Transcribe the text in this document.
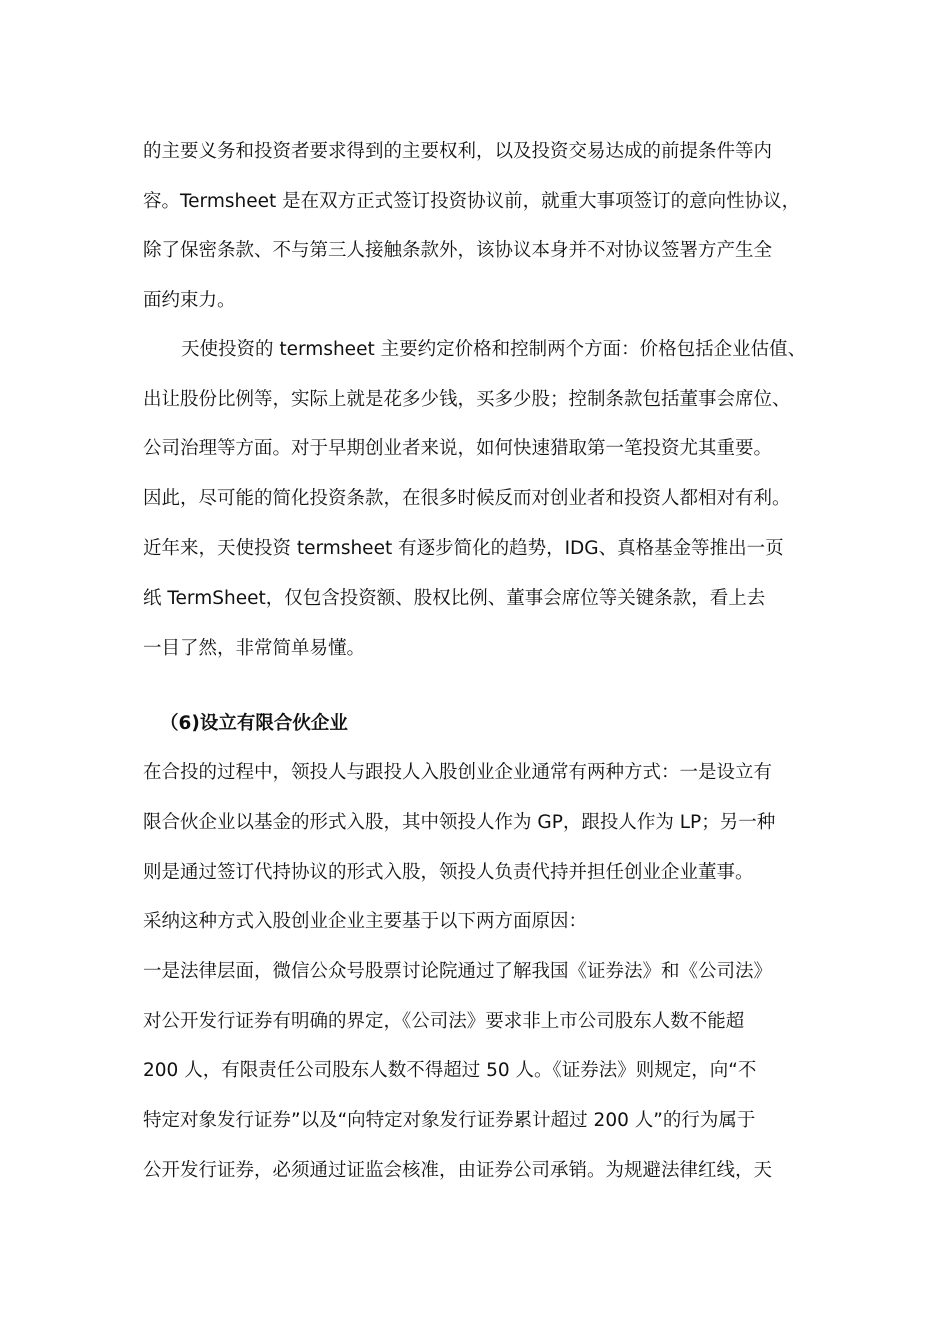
的主要义务和投资者要求得到的主要权利，以及投资交易达成的前提条件等内

容。Termsheet 是在双方正式签订投资协议前，就重大事项签订的意向性协议，

除了保密条款、不与第三人接触条款外，该协议本身并不对协议签署方产生全

面约束力。

天使投资的 termsheet 主要约定价格和控制两个方面：价格包括企业估值、

出让股份比例等，实际上就是花多少钱，买多少股；控制条款包括董事会席位、

公司治理等方面。对于早期创业者来说，如何快速猎取第一笔投资尤其重要。

因此，尽可能的简化投资条款，在很多时候反而对创业者和投资人都相对有利。

近年来，天使投资 termsheet 有逐步简化的趋势，IDG、真格基金等推出一页

纸 TermSheet，仅包含投资额、股权比例、董事会席位等关键条款，看上去

一目了然，非常简单易懂。

（6)设立有限合伙企业

在合投的过程中，领投人与跟投人入股创业企业通常有两种方式：一是设立有

限合伙企业以基金的形式入股，其中领投人作为 GP，跟投人作为 LP；另一种

则是通过签订代持协议的形式入股，领投人负责代持并担任创业企业董事。

采纳这种方式入股创业企业主要基于以下两方面原因：

一是法律层面，微信公众号股票讨论院通过了解我国《证券法》和《公司法》

对公开发行证券有明确的界定，《公司法》要求非上市公司股东人数不能超

200 人，有限责任公司股东人数不得超过 50 人。《证券法》则规定，向“不

特定对象发行证券”以及“向特定对象发行证券累计超过 200 人”的行为属于

公开发行证券，必须通过证监会核准，由证券公司承销。为规避法律红线，天
